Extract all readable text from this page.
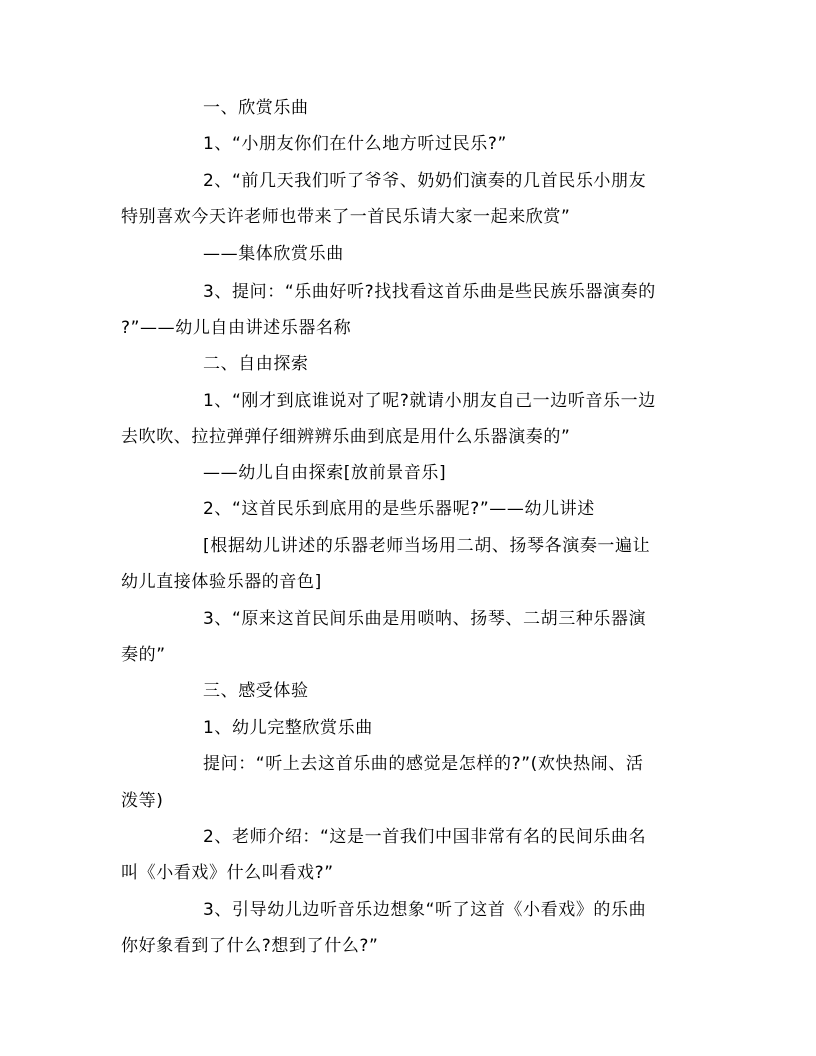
一、欣赏乐曲
1、“小朋友你们在什么地方听过民乐?”
2、“前几天我们听了爷爷、奶奶们演奏的几首民乐小朋友
特别喜欢今天许老师也带来了一首民乐请大家一起来欣赏”
——集体欣赏乐曲
3、提问：“乐曲好听?找找看这首乐曲是些民族乐器演奏的
?”——幼儿自由讲述乐器名称
二、自由探索
1、“刚才到底谁说对了呢?就请小朋友自己一边听音乐一边
去吹吹、拉拉弹弹仔细辨辨乐曲到底是用什么乐器演奏的”
——幼儿自由探索[放前景音乐]
2、“这首民乐到底用的是些乐器呢?”——幼儿讲述
[根据幼儿讲述的乐器老师当场用二胡、扬琴各演奏一遍让
幼儿直接体验乐器的音色]
3、“原来这首民间乐曲是用唢呐、扬琴、二胡三种乐器演
奏的”
三、感受体验
1、幼儿完整欣赏乐曲
提问：“听上去这首乐曲的感觉是怎样的?”(欢快热闹、活
泼等)
2、老师介绍：“这是一首我们中国非常有名的民间乐曲名
叫《小看戏》什么叫看戏?”
3、引导幼儿边听音乐边想象“听了这首《小看戏》的乐曲
你好象看到了什么?想到了什么?”
